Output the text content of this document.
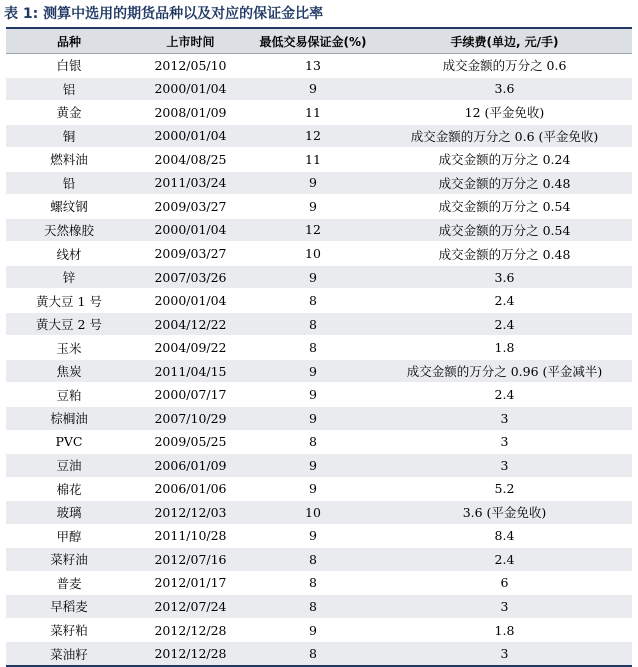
表 1: 测算中选用的期货品种以及对应的保证金比率
品种	上市时间	最低交易保证金(%)	手续费(单边, 元/手)
白银	2012/05/10	13	成交金额的万分之 0.6
铝	2000/01/04	9	3.6
黄金	2008/01/09	11	12 (平金免收)
铜	2000/01/04	12	成交金额的万分之 0.6 (平金免收)
燃料油	2004/08/25	11	成交金额的万分之 0.24
铅	2011/03/24	9	成交金额的万分之 0.48
螺纹钢	2009/03/27	9	成交金额的万分之 0.54
天然橡胶	2000/01/04	12	成交金额的万分之 0.54
线材	2009/03/27	10	成交金额的万分之 0.48
锌	2007/03/26	9	3.6
黄大豆 1 号	2000/01/04	8	2.4
黄大豆 2 号	2004/12/22	8	2.4
玉米	2004/09/22	8	1.8
焦炭	2011/04/15	9	成交金额的万分之 0.96 (平金减半)
豆粕	2000/07/17	9	2.4
棕榈油	2007/10/29	9	3
PVC	2009/05/25	8	3
豆油	2006/01/09	9	3
棉花	2006/01/06	9	5.2
玻璃	2012/12/03	10	3.6 (平金免收)
甲醇	2011/10/28	9	8.4
菜籽油	2012/07/16	8	2.4
普麦	2012/01/17	8	6
早稻麦	2012/07/24	8	3
菜籽粕	2012/12/28	9	1.8
菜油籽	2012/12/28	8	3
